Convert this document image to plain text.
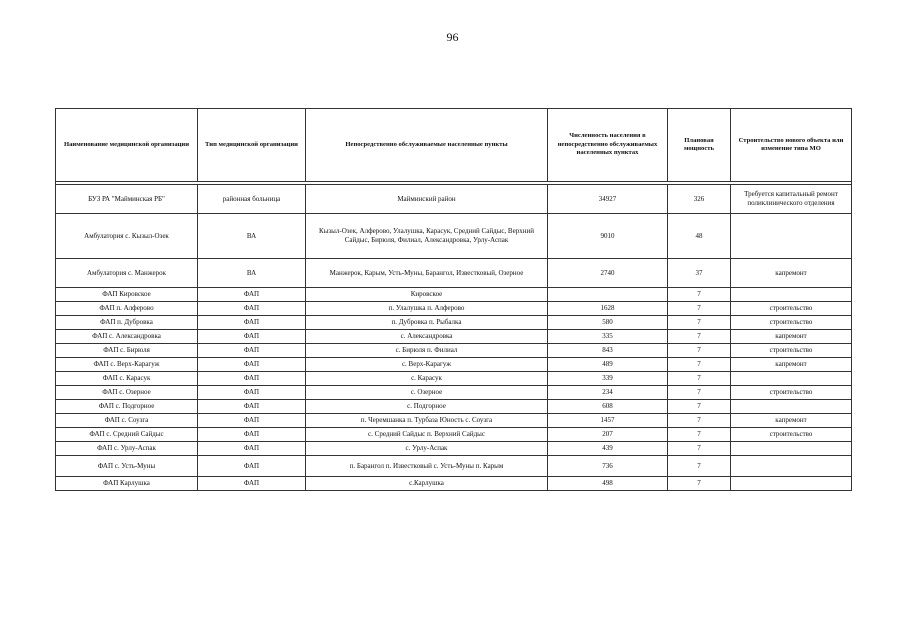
96
Наименование медицинской организации	Тип медицинской организации	Непосредственно обслуживаемые населенные пункты	Численность населения в непосредственно обслуживаемых населенных пунктах	Плановая мощность	Строительство нового объекта или изменение типа МО

БУЗ РА "Майминская РБ"	районная больница	Майминский район	34927	326	Требуется капитальный ремонт поликлинического отделения
Амбулатория с. Кызыл-Озек	ВА	Кызыл-Озек, Алферово, Улалушка, Карасук, Средний Сайдыс, Верхний Сайдыс, Бирюля, Филиал, Александровка, Урлу-Аспак	9010	48	
Амбулатория с. Манжерок	ВА	Манжерок, Карым, Усть-Муны, Барангол, Известковый, Озерное	2740	37	капремонт
ФАП Кировское	ФАП	Кировское		7	
ФАП п. Алферово	ФАП	п. Улалушка п. Алферово	1628	7	строительство
ФАП п. Дубровка	ФАП	п. Дубровка п. Рыбалка	580	7	строительство
ФАП с. Александровка	ФАП	с. Александровка	335	7	капремонт
ФАП с. Бирюля	ФАП	с. Бирюля п. Филиал	843	7	строительство
ФАП с. Верх-Карагуж	ФАП	с. Верх-Карагуж	489	7	капремонт
ФАП с. Карасук	ФАП	с. Карасук	339	7	
ФАП с. Озерное	ФАП	с. Озерное	234	7	строительство
ФАП с. Подгорное	ФАП	с. Подгорное	608	7	
ФАП с. Соузга	ФАП	п. Черемшанка п. Турбаза Юность с. Соузга	1457	7	капремонт
ФАП с. Средний Сайдыс	ФАП	с. Средний Сайдыс п. Верхний Сайдыс	207	7	строительство
ФАП с. Урлу-Аспак	ФАП	с. Урлу-Аспак	439	7	
ФАП с. Усть-Муны	ФАП	п. Барангол п. Известковый с. Усть-Муны п. Карым	736	7	
ФАП Карлушка	ФАП	с.Карлушка	498	7	
